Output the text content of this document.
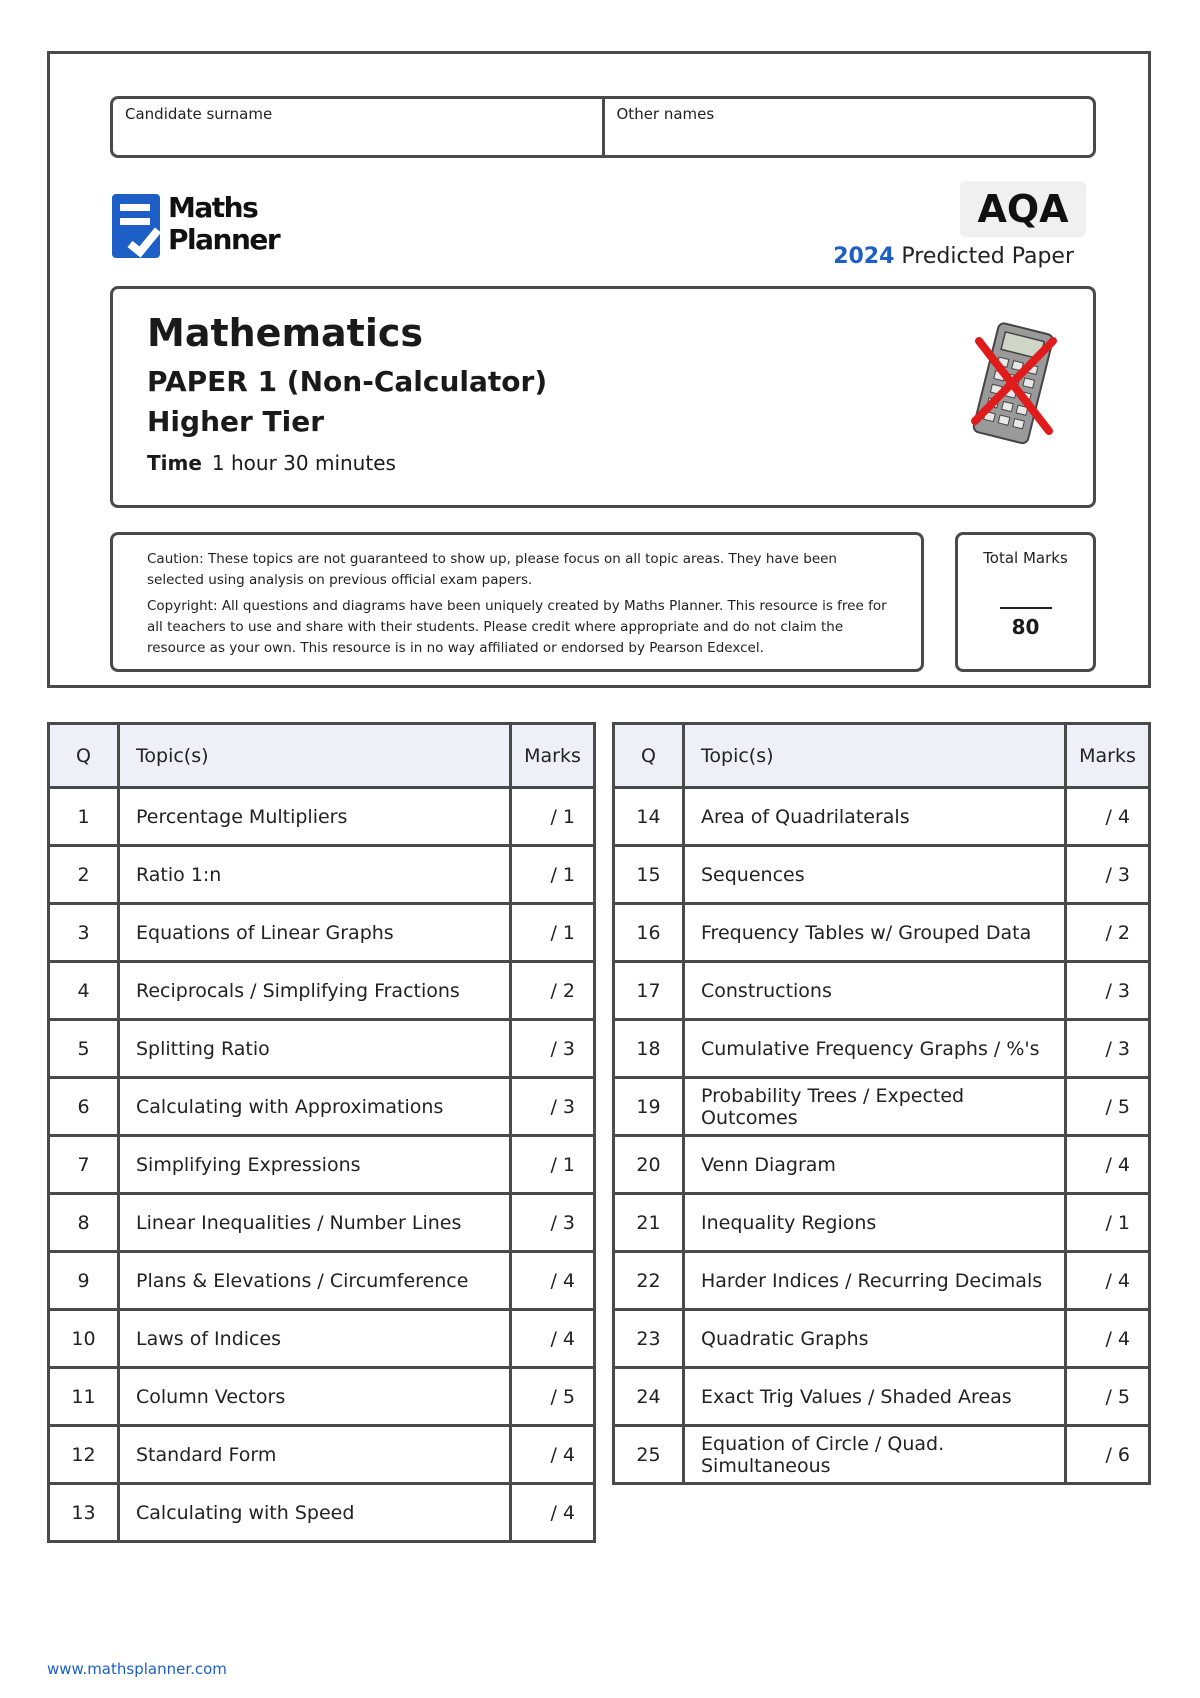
Candidate surname	Other names
Maths
Planner
AQA
2024 Predicted Paper
Mathematics
PAPER 1 (Non-Calculator)
Higher Tier
Time 1 hour 30 minutes

Caution: These topics are not guaranteed to show up, please focus on all topic areas. They have been selected using analysis on previous official exam papers.

Copyright: All questions and diagrams have been uniquely created by Maths Planner. This resource is free for all teachers to use and share with their students. Please credit where appropriate and do not claim the resource as your own. This resource is in no way affiliated or endorsed by Pearson Edexcel.

Total Marks
80
Q	Topic(s)	Marks
1	Percentage Multipliers	/ 1
2	Ratio 1:n	/ 1
3	Equations of Linear Graphs	/ 1
4	Reciprocals / Simplifying Fractions	/ 2
5	Splitting Ratio	/ 3
6	Calculating with Approximations	/ 3
7	Simplifying Expressions	/ 1
8	Linear Inequalities / Number Lines	/ 3
9	Plans & Elevations / Circumference	/ 4
10	Laws of Indices	/ 4
11	Column Vectors	/ 5
12	Standard Form	/ 4
13	Calculating with Speed	/ 4
Q	Topic(s)	Marks
14	Area of Quadrilaterals	/ 4
15	Sequences	/ 3
16	Frequency Tables w/ Grouped Data	/ 2
17	Constructions	/ 3
18	Cumulative Frequency Graphs / %'s	/ 3
19	Probability Trees / Expected Outcomes	/ 5
20	Venn Diagram	/ 4
21	Inequality Regions	/ 1
22	Harder Indices / Recurring Decimals	/ 4
23	Quadratic Graphs	/ 4
24	Exact Trig Values / Shaded Areas	/ 5
25	Equation of Circle / Quad. Simultaneous	/ 6
www.mathsplanner.com
